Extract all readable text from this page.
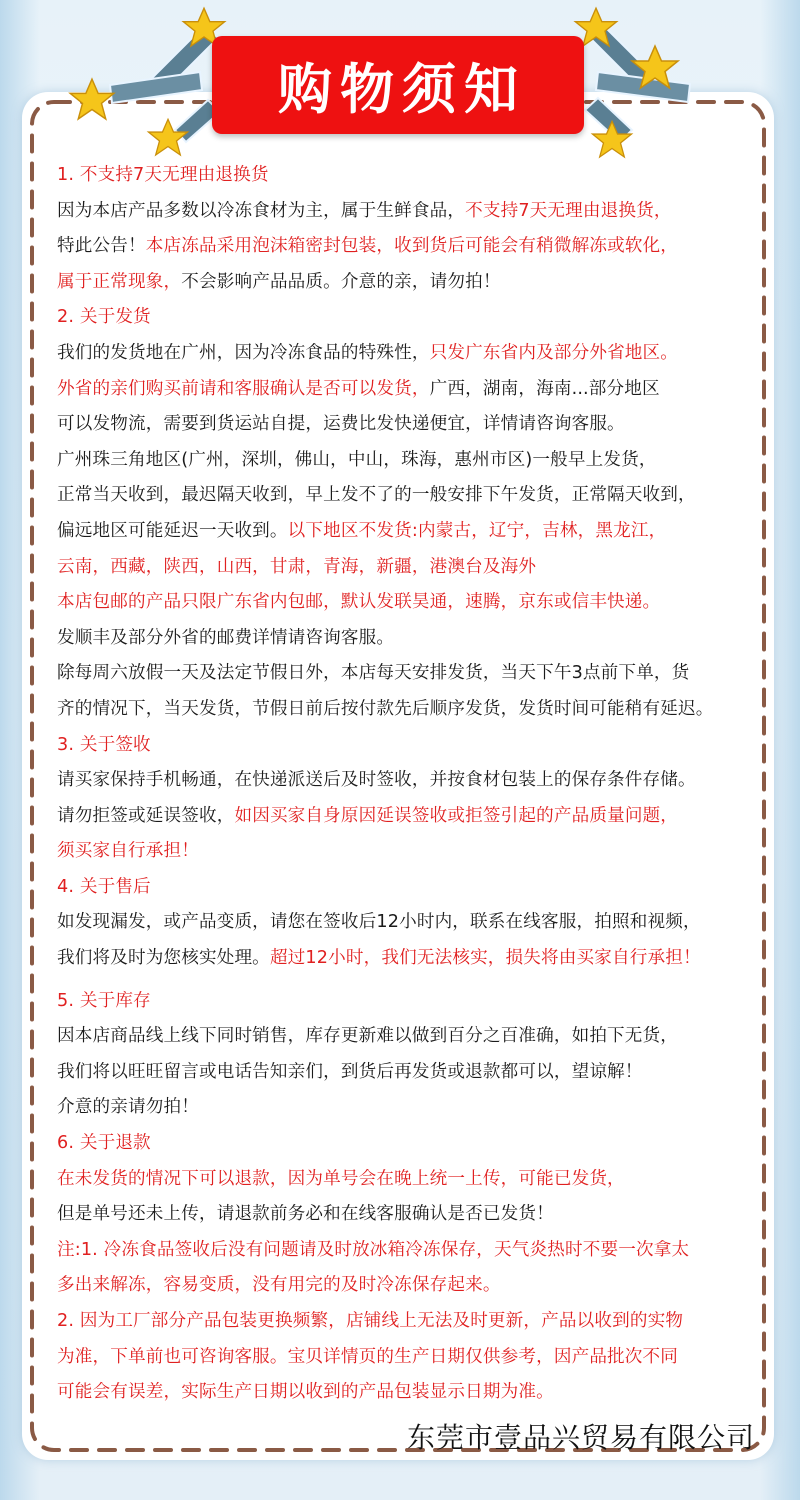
购物须知
1. 不支持7天无理由退换货
因为本店产品多数以冷冻食材为主，属于生鲜食品，不支持7天无理由退换货，
特此公告！本店冻品采用泡沫箱密封包装，收到货后可能会有稍微解冻或软化，
属于正常现象，不会影响产品品质。介意的亲，请勿拍！
2. 关于发货
我们的发货地在广州，因为冷冻食品的特殊性，只发广东省内及部分外省地区。
外省的亲们购买前请和客服确认是否可以发货，广西，湖南，海南...部分地区
可以发物流，需要到货运站自提，运费比发快递便宜，详情请咨询客服。
广州珠三角地区(广州，深圳，佛山，中山，珠海，惠州市区)一般早上发货，
正常当天收到，最迟隔天收到，早上发不了的一般安排下午发货，正常隔天收到，
偏远地区可能延迟一天收到。以下地区不发货:内蒙古，辽宁，吉林，黑龙江，
云南，西藏，陕西，山西，甘肃，青海，新疆，港澳台及海外
本店包邮的产品只限广东省内包邮，默认发联昊通，速腾，京东或信丰快递。
发顺丰及部分外省的邮费详情请咨询客服。
除每周六放假一天及法定节假日外，本店每天安排发货，当天下午3点前下单，货
齐的情况下，当天发货，节假日前后按付款先后顺序发货，发货时间可能稍有延迟。
3. 关于签收
请买家保持手机畅通，在快递派送后及时签收，并按食材包装上的保存条件存储。
请勿拒签或延误签收，如因买家自身原因延误签收或拒签引起的产品质量问题，
须买家自行承担！
4. 关于售后
如发现漏发，或产品变质，请您在签收后12小时内，联系在线客服，拍照和视频，
我们将及时为您核实处理。超过12小时，我们无法核实，损失将由买家自行承担！
5. 关于库存
因本店商品线上线下同时销售，库存更新难以做到百分之百准确，如拍下无货，
我们将以旺旺留言或电话告知亲们，到货后再发货或退款都可以，望谅解！
介意的亲请勿拍！
6. 关于退款
在未发货的情况下可以退款，因为单号会在晚上统一上传，可能已发货，
但是单号还未上传，请退款前务必和在线客服确认是否已发货！
注:1. 冷冻食品签收后没有问题请及时放冰箱冷冻保存，天气炎热时不要一次拿太
多出来解冻，容易变质，没有用完的及时冷冻保存起来。
2. 因为工厂部分产品包装更换频繁，店铺线上无法及时更新，产品以收到的实物
为准，下单前也可咨询客服。宝贝详情页的生产日期仅供参考，因产品批次不同
可能会有误差，实际生产日期以收到的产品包装显示日期为准。
东莞市壹品兴贸易有限公司
